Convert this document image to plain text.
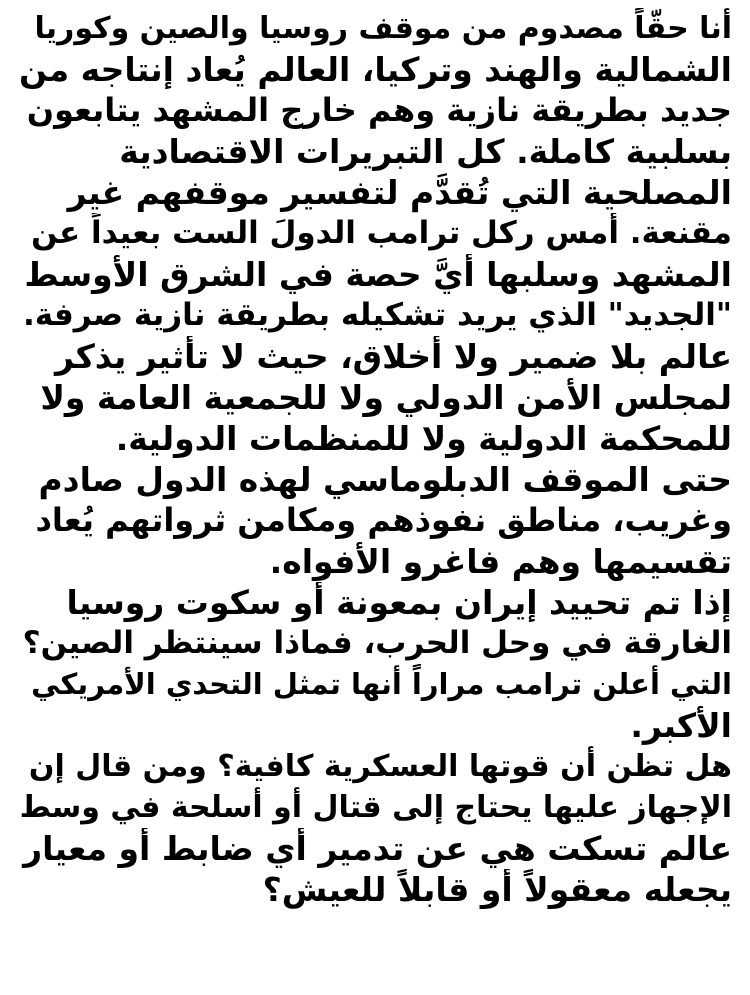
أنا حقّاً مصدوم من موقف روسيا والصين وكوريا
الشمالية والهند وتركيا، العالم يُعاد إنتاجه من
جديد بطريقة نازية وهم خارج المشهد يتابعون
بسلبية كاملة. كل التبريرات الاقتصادية
المصلحية التي تُقدَّم لتفسير موقفهم غير
مقنعة. أمس ركل ترامب الدولَ الست بعيداً عن
المشهد وسلبها أيَّ حصة في الشرق الأوسط
"الجديد" الذي يريد تشكيله بطريقة نازية صرفة.
عالم بلا ضمير ولا أخلاق، حيث لا تأثير يذكر
لمجلس الأمن الدولي ولا للجمعية العامة ولا
للمحكمة الدولية ولا للمنظمات الدولية.
حتى الموقف الدبلوماسي لهذه الدول صادم
وغريب، مناطق نفوذهم ومكامن ثرواتهم يُعاد
تقسيمها وهم فاغرو الأفواه.
إذا تم تحييد إيران بمعونة أو سكوت روسيا
الغارقة في وحل الحرب، فماذا سينتظر الصين؟
التي أعلن ترامب مراراً أنها تمثل التحدي الأمريكي
الأكبر.
هل تظن أن قوتها العسكرية كافية؟ ومن قال إن
الإجهاز عليها يحتاج إلى قتال أو أسلحة في وسط
عالم تسكت هي عن تدمير أي ضابط أو معيار
يجعله معقولاً أو قابلاً للعيش؟
